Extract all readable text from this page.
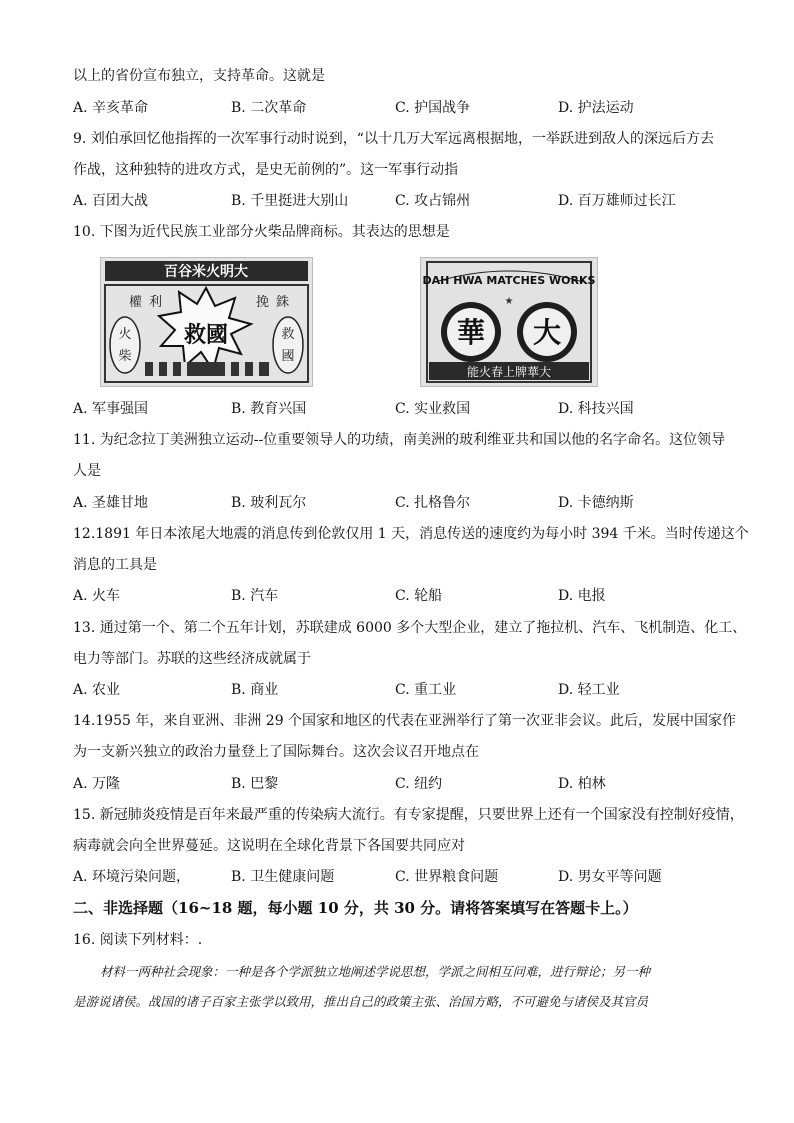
以上的省份宣布独立，支持革命。这就是
A. 辛亥革命	B. 二次革命	C. 护国战争	D. 护法运动
9. 刘伯承回忆他指挥的一次军事行动时说到，“以十几万大军远离根据地，一举跃进到敌人的深远后方去
作战，这种独特的进攻方式，是史无前例的”。这一军事行动指
A. 百团大战	B. 千里挺进大别山	C. 攻占锦州	D. 百万雄师过长江
10. 下图为近代民族工业部分火柴品牌商标。其表达的思想是
百谷米火明大
權 利	挽 銖
火
柴
救
國
救國
DAH HWA MATCHES WORKS
華 大
★
能火春上牌華大
A. 军事强国	B. 教育兴国	C. 实业救国	D. 科技兴国
11. 为纪念拉丁美洲独立运动--位重要领导人的功绩，南美洲的玻利维亚共和国以他的名字命名。这位领导
人是
A. 圣雄甘地	B. 玻利瓦尔	C. 扎格鲁尔	D. 卡德纳斯
12.1891 年日本浓尾大地震的消息传到伦敦仅用 1 天，消息传送的速度约为每小时 394 千米。当时传递这个
消息的工具是
A. 火车	B. 汽车	C. 轮船	D. 电报
13. 通过第一个、第二个五年计划，苏联建成 6000 多个大型企业，建立了拖拉机、汽车、飞机制造、化工、
电力等部门。苏联的这些经济成就属于
A. 农业	B. 商业	C. 重工业	D. 轻工业
14.1955 年，来自亚洲、非洲 29 个国家和地区的代表在亚洲举行了第一次亚非会议。此后，发展中国家作
为一支新兴独立的政治力量登上了国际舞台。这次会议召开地点在
A. 万隆	B. 巴黎	C. 纽约	D. 柏林
15. 新冠肺炎疫情是百年来最严重的传染病大流行。有专家提醒，只要世界上还有一个国家没有控制好疫情，
病毒就会向全世界蔓延。这说明在全球化背景下各国要共同应对
A. 环境污染问题，	B. 卫生健康问题	C. 世界粮食问题	D. 男女平等问题
二、非选择题（16~18 题，每小题 10 分，共 30 分。请将答案填写在答题卡上。）
16. 阅读下列材料：.
材料一两种社会现象：一种是各个学派独立地阐述学说思想，学派之间相互问难，进行辩论；另一种
是游说诸侯。战国的诸子百家主张学以致用，推出自己的政策主张、治国方略，不可避免与诸侯及其官员
